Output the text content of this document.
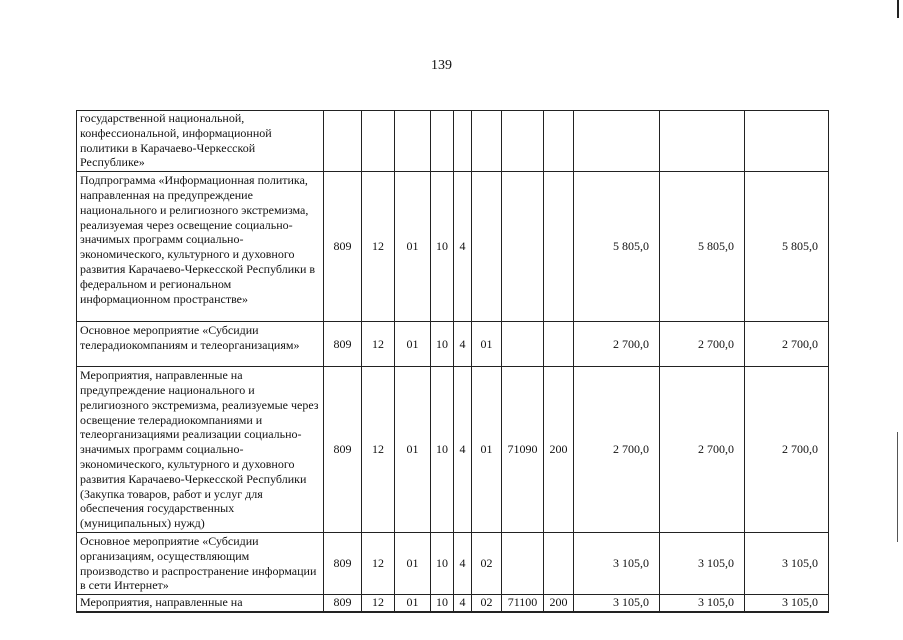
139
государственной национальной, конфессиональной, информационной политики в Карачаево-Черкесской Республике»											
Подпрограмма «Информационная политика, направленная на предупреждение национального и религиозного экстремизма, реализуемая через освещение социально-значимых программ социально-экономического, культурного и духовного развития Карачаево-Черкесской Республики в федеральном и региональном информационном пространстве»	809	12	01	10	4				5 805,0	5 805,0	5 805,0
Основное мероприятие «Субсидии телерадиокомпаниям и телеорганизациям»	809	12	01	10	4	01			2 700,0	2 700,0	2 700,0
Мероприятия, направленные на предупреждение национального и религиозного экстремизма, реализуемые через освещение телерадиокомпаниями и телеорганизациями реализации социально-значимых программ социально-экономического, культурного и духовного развития Карачаево-Черкесской Республики (Закупка товаров, работ и услуг для обеспечения государственных (муниципальных) нужд)	809	12	01	10	4	01	71090	200	2 700,0	2 700,0	2 700,0
Основное мероприятие «Субсидии организациям, осуществляющим производство и распространение информации в сети Интернет»	809	12	01	10	4	02			3 105,0	3 105,0	3 105,0
Мероприятия, направленные на	809	12	01	10	4	02	71100	200	3 105,0	3 105,0	3 105,0
